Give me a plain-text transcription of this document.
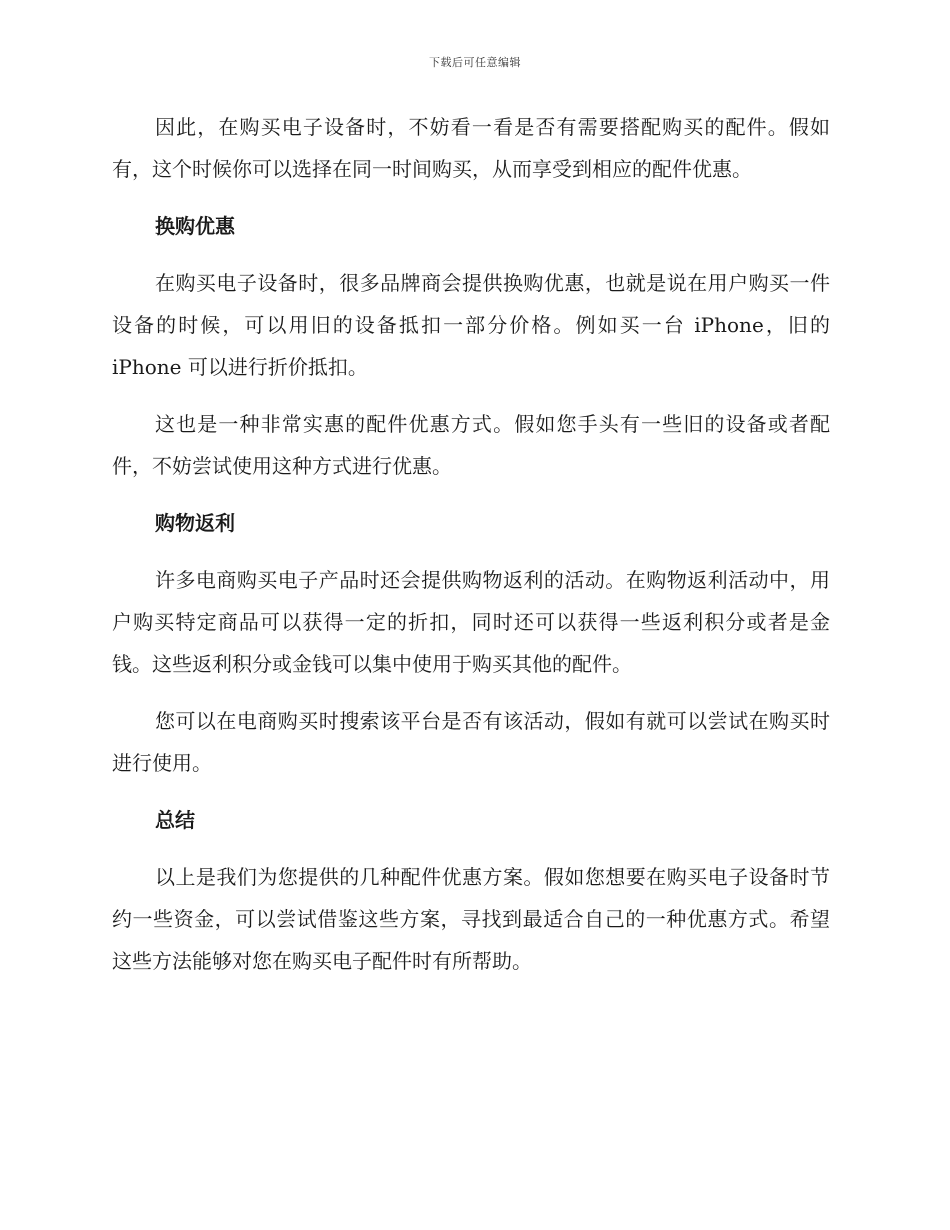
下载后可任意编辑

因此，在购买电子设备时，不妨看一看是否有需要搭配购买的配件。假如有，这个时候你可以选择在同一时间购买，从而享受到相应的配件优惠。

换购优惠

在购买电子设备时，很多品牌商会提供换购优惠，也就是说在用户购买一件设备的时候，可以用旧的设备抵扣一部分价格。例如买一台 iPhone，旧的 iPhone 可以进行折价抵扣。

这也是一种非常实惠的配件优惠方式。假如您手头有一些旧的设备或者配件，不妨尝试使用这种方式进行优惠。

购物返利

许多电商购买电子产品时还会提供购物返利的活动。在购物返利活动中，用户购买特定商品可以获得一定的折扣，同时还可以获得一些返利积分或者是金钱。这些返利积分或金钱可以集中使用于购买其他的配件。

您可以在电商购买时搜索该平台是否有该活动，假如有就可以尝试在购买时进行使用。

总结

以上是我们为您提供的几种配件优惠方案。假如您想要在购买电子设备时节约一些资金，可以尝试借鉴这些方案，寻找到最适合自己的一种优惠方式。希望这些方法能够对您在购买电子配件时有所帮助。
